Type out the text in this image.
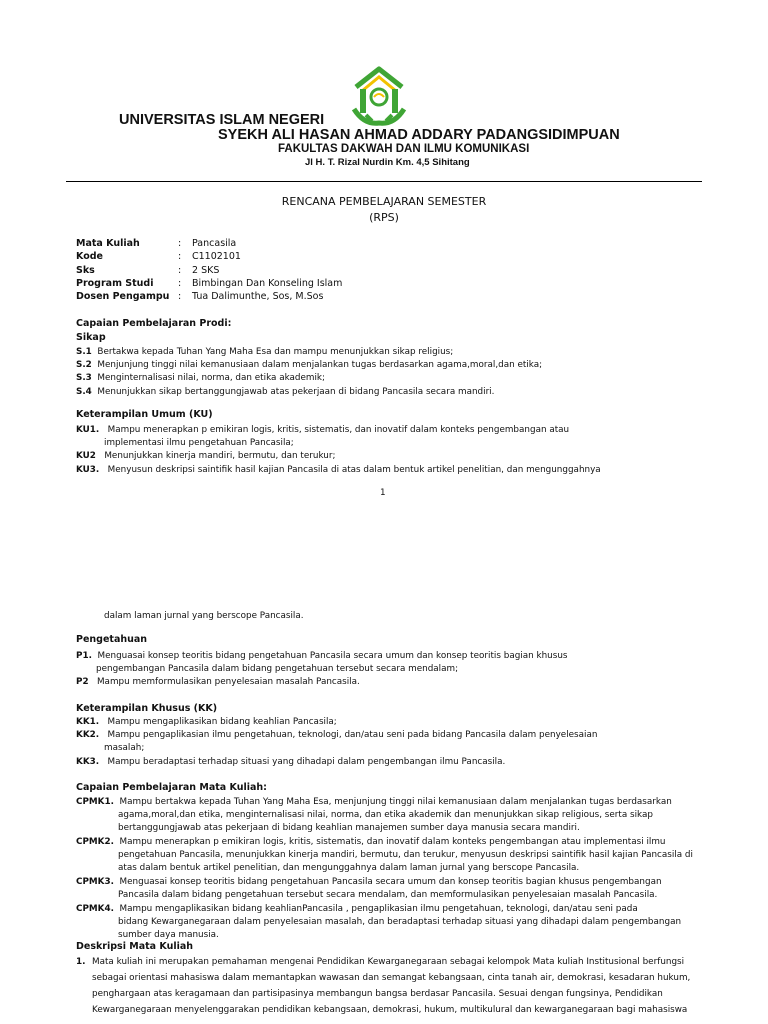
UNIVERSITAS ISLAM NEGERI
SYEKH ALI HASAN AHMAD ADDARY PADANGSIDIMPUAN
FAKULTAS DAKWAH DAN ILMU KOMUNIKASI
Jl H. T. Rizal Nurdin Km. 4,5 Sihitang
RENCANA PEMBELAJARAN SEMESTER
(RPS)
Mata Kuliah	: Pancasila
Kode	: C1102101
Sks	: 2 SKS
Program Studi	: Bimbingan Dan Konseling Islam
Dosen Pengampu : Tua Dalimunthe, Sos, M.Sos
Capaian Pembelajaran Prodi:
Sikap
S.1 Bertakwa kepada Tuhan Yang Maha Esa dan mampu menunjukkan sikap religius;
S.2 Menjunjung tinggi nilai kemanusiaan dalam menjalankan tugas berdasarkan agama,moral,dan etika;
S.3 Menginternalisasi nilai, norma, dan etika akademik;
S.4 Menunjukkan sikap bertanggungjawab atas pekerjaan di bidang Pancasila secara mandiri.
Keterampilan Umum (KU)
KU1. Mampu menerapkan p emikiran logis, kritis, sistematis, dan inovatif dalam konteks pengembangan atau
implementasi ilmu pengetahuan Pancasila;
KU2 Menunjukkan kinerja mandiri, bermutu, dan terukur;
KU3. Menyusun deskripsi saintifik hasil kajian Pancasila di atas dalam bentuk artikel penelitian, dan mengunggahnya
1
dalam laman jurnal yang berscope Pancasila.
Pengetahuan
P1. Menguasai konsep teoritis bidang pengetahuan Pancasila secara umum dan konsep teoritis bagian khusus
pengembangan Pancasila dalam bidang pengetahuan tersebut secara mendalam;
P2 Mampu memformulasikan penyelesaian masalah Pancasila.
Keterampilan Khusus (KK)
KK1. Mampu mengaplikasikan bidang keahlian Pancasila;
KK2. Mampu pengaplikasian ilmu pengetahuan, teknologi, dan∕atau seni pada bidang Pancasila dalam penyelesaian
masalah;
KK3. Mampu beradaptasi terhadap situasi yang dihadapi dalam pengembangan ilmu Pancasila.
Capaian Pembelajaran Mata Kuliah:
CPMK1. Mampu bertakwa kepada Tuhan Yang Maha Esa, menjunjung tinggi nilai kemanusiaan dalam menjalankan tugas berdasarkan
agama,moral,dan etika, menginternalisasi nilai, norma, dan etika akademik dan menunjukkan sikap religious, serta sikap
bertanggungjawab atas pekerjaan di bidang keahlian manajemen sumber daya manusia secara mandiri.
CPMK2. Mampu menerapkan p emikiran logis, kritis, sistematis, dan inovatif dalam konteks pengembangan atau implementasi ilmu
pengetahuan Pancasila, menunjukkan kinerja mandiri, bermutu, dan terukur, menyusun deskripsi saintifik hasil kajian Pancasila di
atas dalam bentuk artikel penelitian, dan mengunggahnya dalam laman jurnal yang berscope Pancasila.
CPMK3. Menguasai konsep teoritis bidang pengetahuan Pancasila secara umum dan konsep teoritis bagian khusus pengembangan
Pancasila dalam bidang pengetahuan tersebut secara mendalam, dan memformulasikan penyelesaian masalah Pancasila.
CPMK4. Mampu mengaplikasikan bidang keahlianPancasila , pengaplikasian ilmu pengetahuan, teknologi, dan∕atau seni pada
bidang Kewarganegaraan dalam penyelesaian masalah, dan beradaptasi terhadap situasi yang dihadapi dalam pengembangan
sumber daya manusia.
Deskripsi Mata Kuliah
1. Mata kuliah ini merupakan pemahaman mengenai Pendidikan Kewarganegaraan sebagai kelompok Mata kuliah Institusional berfungsi
sebagai orientasi mahasiswa dalam memantapkan wawasan dan semangat kebangsaan, cinta tanah air, demokrasi, kesadaran hukum,
penghargaan atas keragamaan dan partisipasinya membangun bangsa berdasar Pancasila. Sesuai dengan fungsinya, Pendidikan
Kewarganegaraan menyelenggarakan pendidikan kebangsaan, demokrasi, hukum, multikulural dan kewarganegaraan bagi mahasiswa
